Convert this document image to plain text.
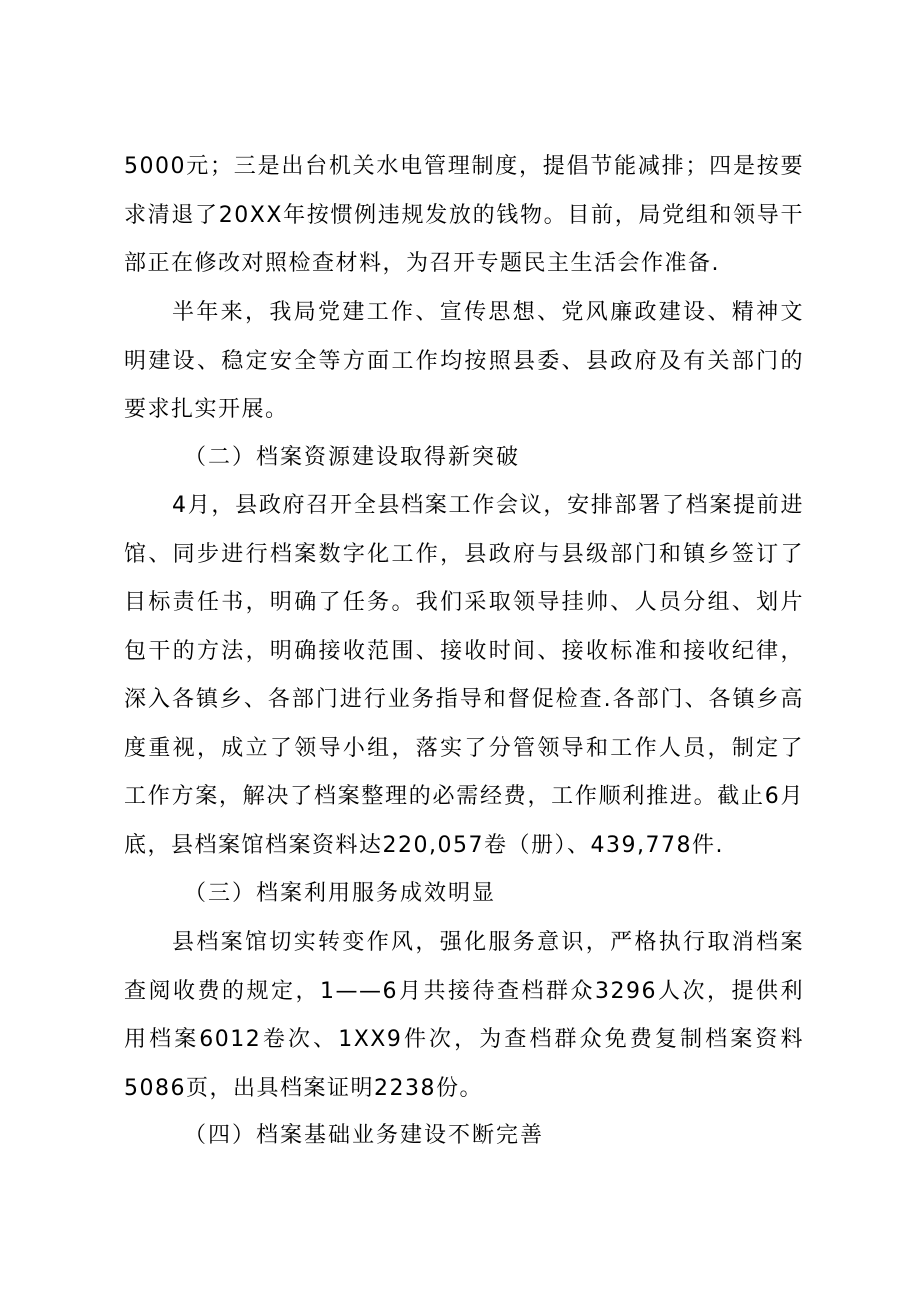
5000元；三是出台机关水电管理制度，提倡节能减排；四是按要求清退了20XX年按惯例违规发放的钱物。目前，局党组和领导干部正在修改对照检查材料，为召开专题民主生活会作准备.

半年来，我局党建工作、宣传思想、党风廉政建设、精神文明建设、稳定安全等方面工作均按照县委、县政府及有关部门的要求扎实开展。

（二）档案资源建设取得新突破

4月，县政府召开全县档案工作会议，安排部署了档案提前进馆、同步进行档案数字化工作，县政府与县级部门和镇乡签订了目标责任书，明确了任务。我们采取领导挂帅、人员分组、划片包干的方法，明确接收范围、接收时间、接收标准和接收纪律，深入各镇乡、各部门进行业务指导和督促检查.各部门、各镇乡高度重视，成立了领导小组，落实了分管领导和工作人员，制定了工作方案，解决了档案整理的必需经费，工作顺利推进。截止6月底，县档案馆档案资料达220,057卷（册）、439,778件.

（三）档案利用服务成效明显

县档案馆切实转变作风，强化服务意识，严格执行取消档案查阅收费的规定，1——6月共接待查档群众3296人次，提供利用档案6012卷次、1XX9件次，为查档群众免费复制档案资料5086页，出具档案证明2238份。

（四）档案基础业务建设不断完善
